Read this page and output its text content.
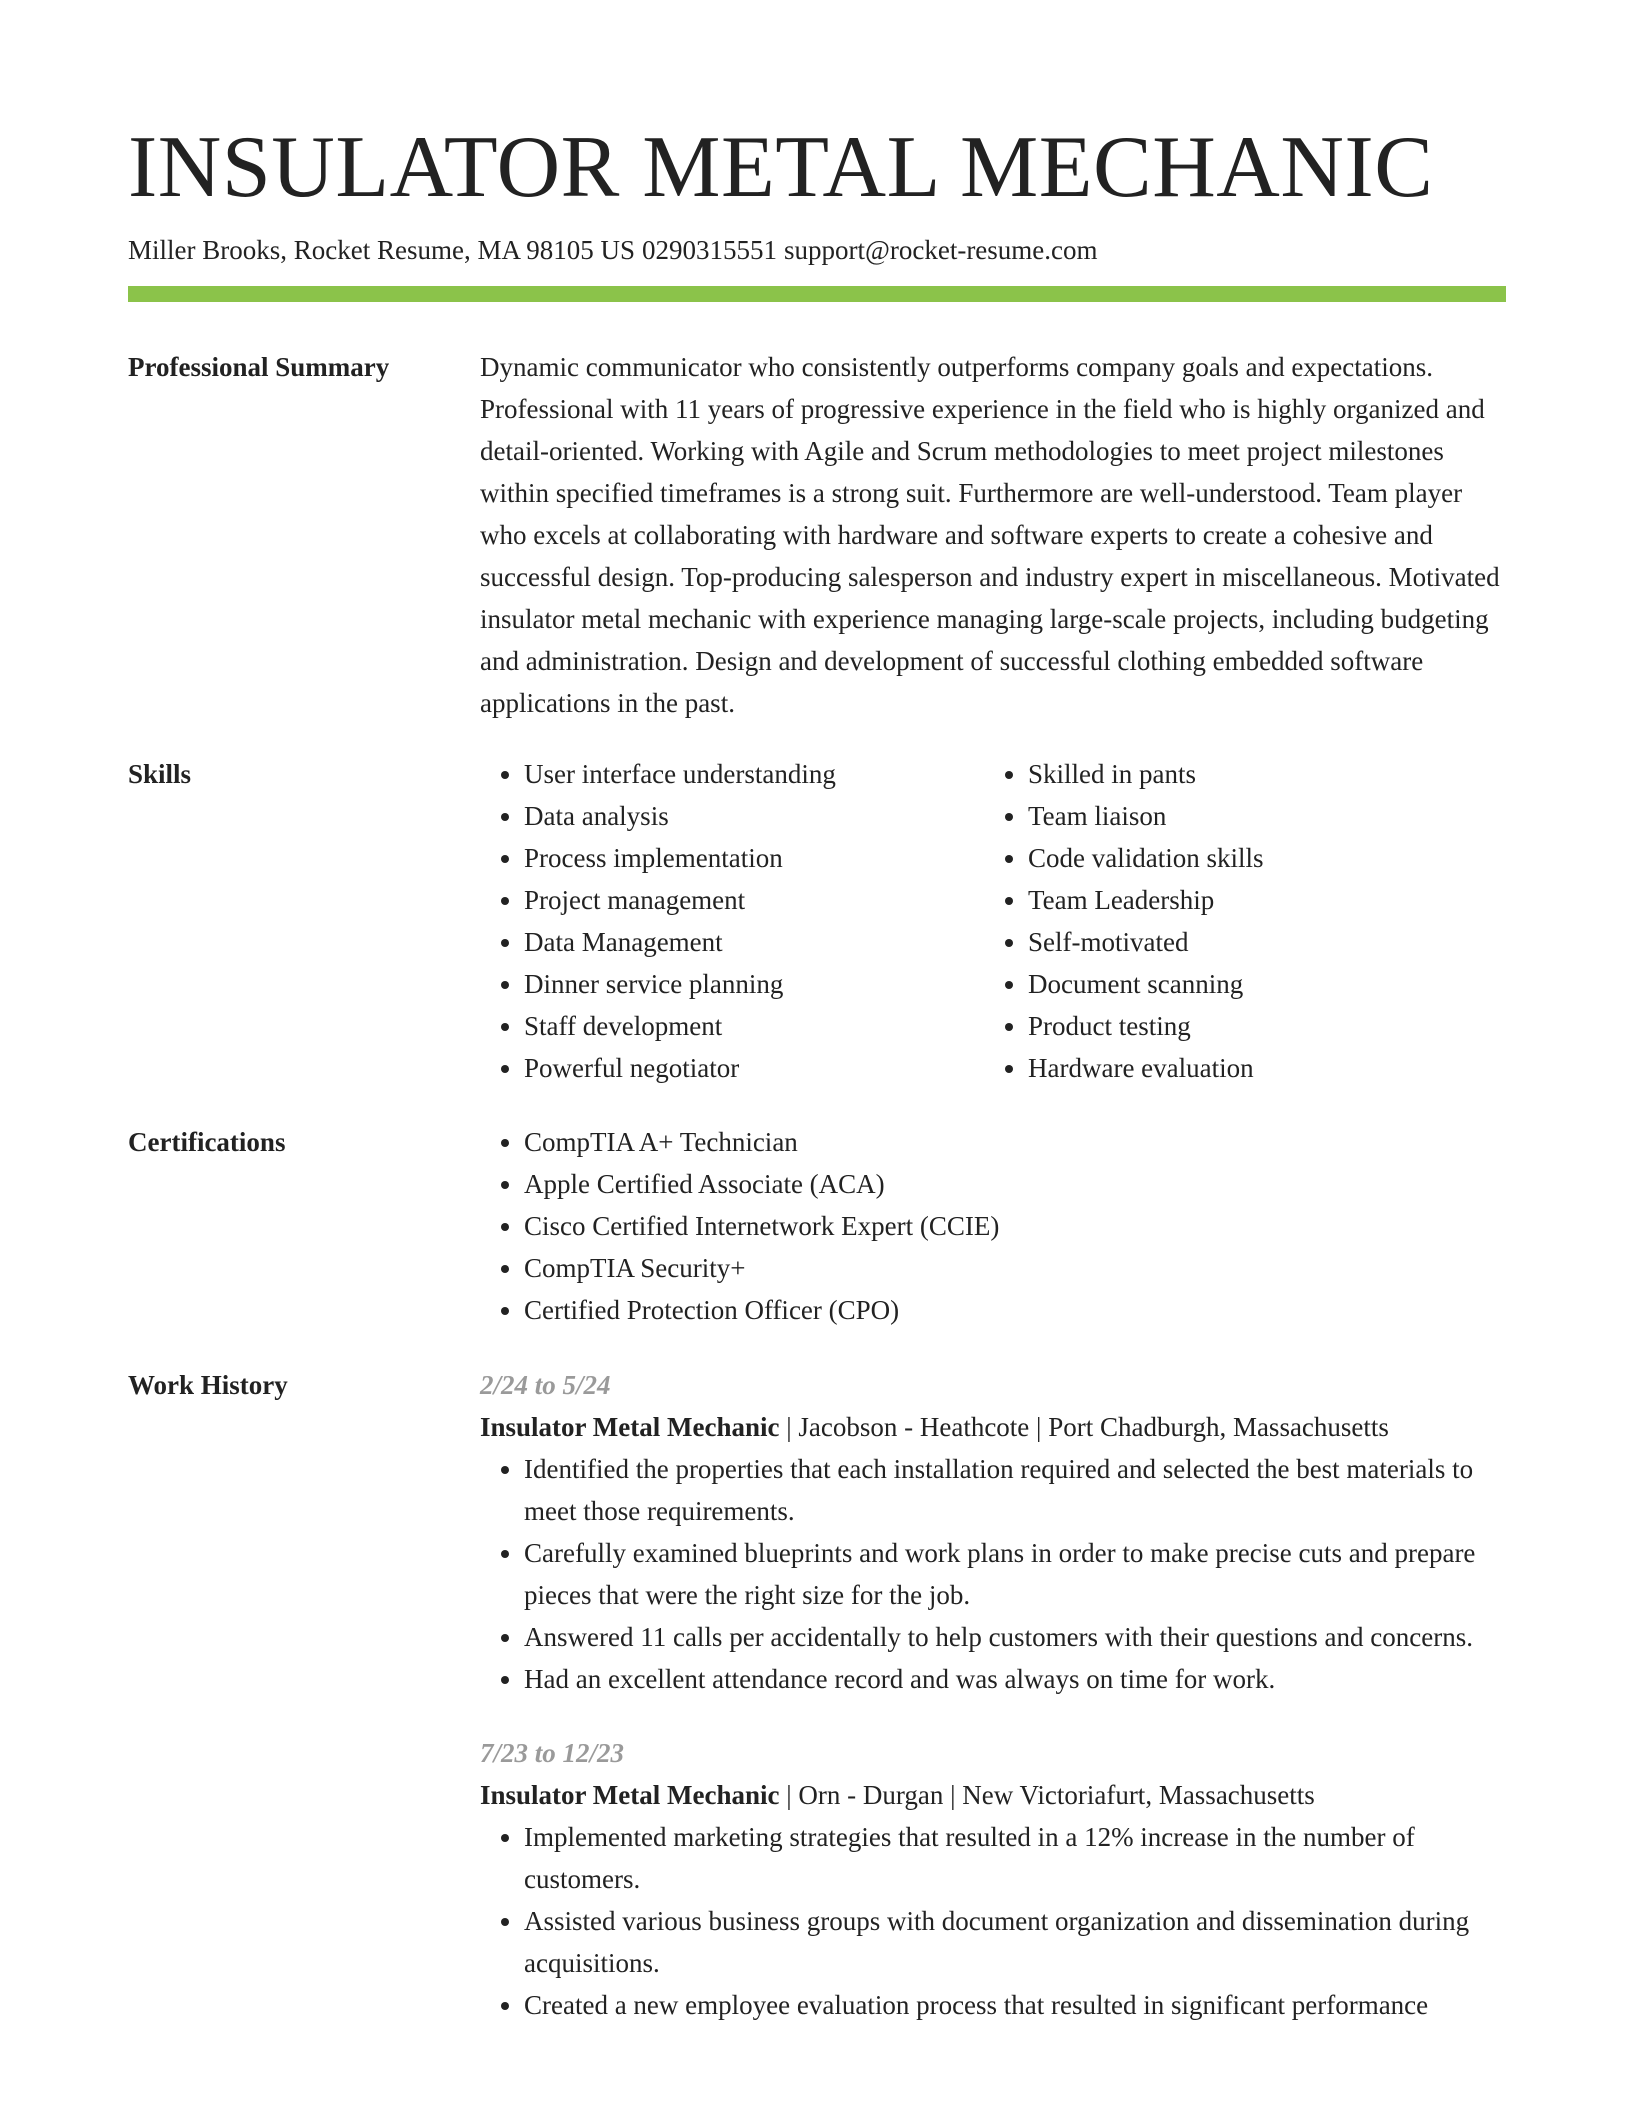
INSULATOR METAL MECHANIC
Miller Brooks, Rocket Resume, MA 98105 US 0290315551 support@rocket-resume.com
Professional Summary	Dynamic communicator who consistently outperforms company goals and expectations. Professional with 11 years of progressive experience in the field who is highly organized and detail-oriented. Working with Agile and Scrum methodologies to meet project milestones within specified timeframes is a strong suit. Furthermore are well-understood. Team player who excels at collaborating with hardware and software experts to create a cohesive and successful design. Top-producing salesperson and industry expert in miscellaneous. Motivated insulator metal mechanic with experience managing large-scale projects, including budgeting and administration. Design and development of successful clothing embedded software applications in the past.

Skills	• User interface understanding
• Data analysis
• Process implementation
• Project management
• Data Management
• Dinner service planning
• Staff development
• Powerful negotiator
• Skilled in pants
• Team liaison
• Code validation skills
• Team Leadership
• Self-motivated
• Document scanning
• Product testing
• Hardware evaluation
Certifications	• CompTIA A+ Technician
• Apple Certified Associate (ACA)
• Cisco Certified Internetwork Expert (CCIE)
• CompTIA Security+
• Certified Protection Officer (CPO)
Work History	2/24 to 5/24

Insulator Metal Mechanic | Jacobson - Heathcote | Port Chadburgh, Massachusetts

• Identified the properties that each installation required and selected the best materials to meet those requirements.
• Carefully examined blueprints and work plans in order to make precise cuts and prepare pieces that were the right size for the job.
• Answered 11 calls per accidentally to help customers with their questions and concerns.
• Had an excellent attendance record and was always on time for work.

7/23 to 12/23

Insulator Metal Mechanic | Orn - Durgan | New Victoriafurt, Massachusetts

• Implemented marketing strategies that resulted in a 12% increase in the number of customers.
• Assisted various business groups with document organization and dissemination during acquisitions.
• Created a new employee evaluation process that resulted in significant performance
